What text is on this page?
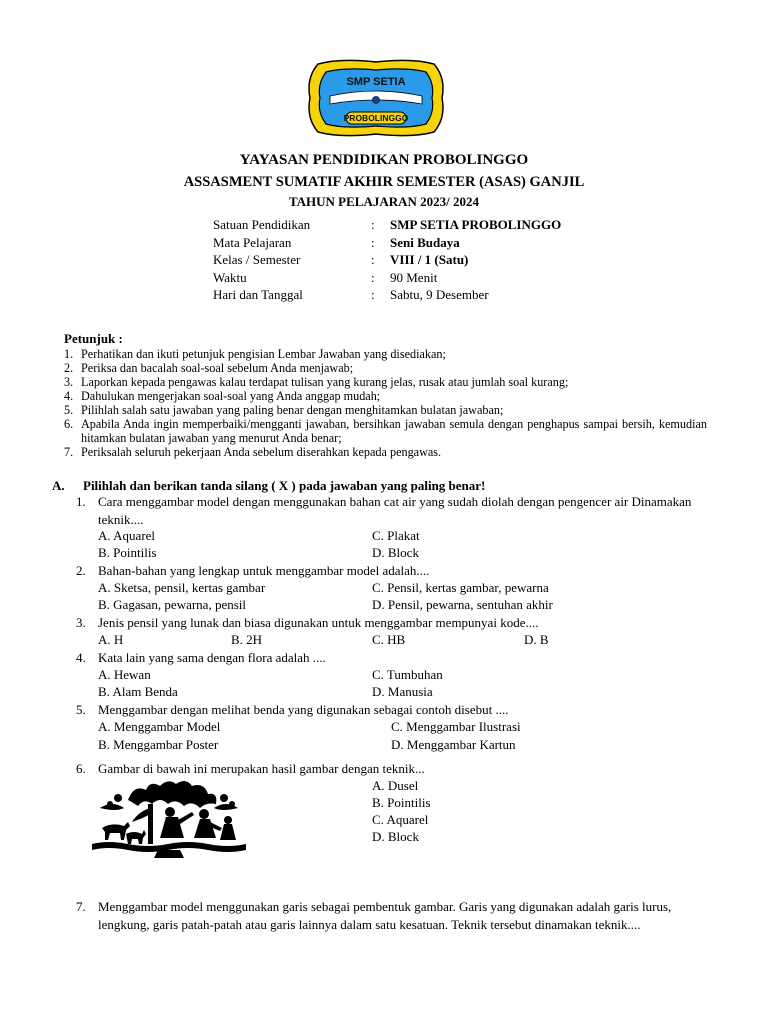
SMP SETIA
PROBOLINGGO
YAYASAN PENDIDIKAN PROBOLINGGO
ASSASMENT SUMATIF AKHIR SEMESTER (ASAS) GANJIL
TAHUN PELAJARAN 2023/ 2024
Satuan Pendidikan	: SMP SETIA PROBOLINGGO
Mata Pelajaran	: Seni Budaya
Kelas / Semester	: VIII / 1 (Satu)
Waktu	: 90 Menit
Hari dan Tanggal	: Sabtu, 9 Desember
Petunjuk :
1. Perhatikan dan ikuti petunjuk pengisian Lembar Jawaban yang disediakan;
2. Periksa dan bacalah soal-soal sebelum Anda menjawab;
3. Laporkan kepada pengawas kalau terdapat tulisan yang kurang jelas, rusak atau jumlah soal kurang;
4. Dahulukan mengerjakan soal-soal yang Anda anggap mudah;
5. Pilihlah salah satu jawaban yang paling benar dengan menghitamkan bulatan jawaban;
6. Apabila Anda ingin memperbaiki/mengganti jawaban, bersihkan jawaban semula dengan penghapus sampai bersih, kemudian hitamkan bulatan jawaban yang menurut Anda benar;
7. Periksalah seluruh pekerjaan Anda sebelum diserahkan kepada pengawas.
A. Pilihlah dan berikan tanda silang ( X ) pada jawaban yang paling benar!
1. Cara menggambar model dengan menggunakan bahan cat air yang sudah diolah dengan pengencer air Dinamakan teknik....
A. Aquarel
B. Pointilis
C. Plakat
D. Block
2. Bahan-bahan yang lengkap untuk menggambar model adalah....
A. Sketsa, pensil, kertas gambar
B. Gagasan, pewarna, pensil
C. Pensil, kertas gambar, pewarna
D. Pensil, pewarna, sentuhan akhir
3. Jenis pensil yang lunak dan biasa digunakan untuk menggambar mempunyai kode....
A. H	B. 2H	C. HB	D. B
4. Kata lain yang sama dengan flora adalah ....
A. Hewan
B. Alam Benda
C. Tumbuhan
D. Manusia
5. Menggambar dengan melihat benda yang digunakan sebagai contoh disebut ....
A. Menggambar Model
B. Menggambar Poster
C. Menggambar Ilustrasi
D. Menggambar Kartun
6. Gambar di bawah ini merupakan hasil gambar dengan teknik...
A. Dusel
B. Pointilis
C. Aquarel
D. Block
7. Menggambar model menggunakan garis sebagai pembentuk gambar. Garis yang digunakan adalah garis lurus, lengkung, garis patah-patah atau garis lainnya dalam satu kesatuan. Teknik tersebut dinamakan teknik....
